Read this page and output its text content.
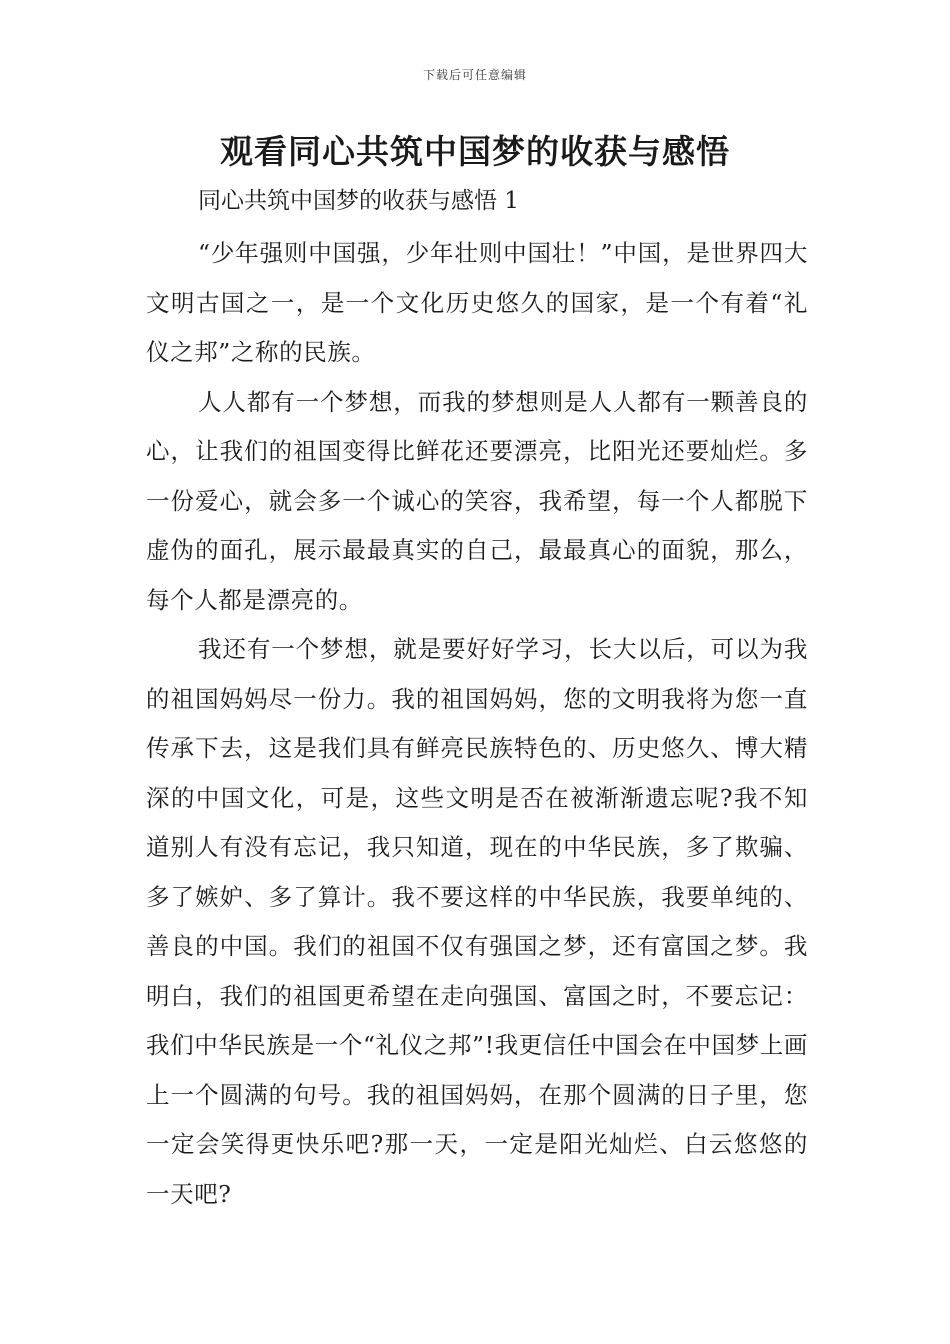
下载后可任意编辑
观看同心共筑中国梦的收获与感悟

同心共筑中国梦的收获与感悟 1

“少年强则中国强，少年壮则中国壮！”中国，是世界四大文明古国之一，是一个文化历史悠久的国家，是一个有着“礼仪之邦”之称的民族。

人人都有一个梦想，而我的梦想则是人人都有一颗善良的心，让我们的祖国变得比鲜花还要漂亮，比阳光还要灿烂。多一份爱心，就会多一个诚心的笑容，我希望，每一个人都脱下虚伪的面孔，展示最最真实的自己，最最真心的面貌，那么，每个人都是漂亮的。

我还有一个梦想，就是要好好学习，长大以后，可以为我的祖国妈妈尽一份力。我的祖国妈妈，您的文明我将为您一直传承下去，这是我们具有鲜亮民族特色的、历史悠久、博大精深的中国文化，可是，这些文明是否在被渐渐遗忘呢?我不知道别人有没有忘记，我只知道，现在的中华民族，多了欺骗、多了嫉妒、多了算计。我不要这样的中华民族，我要单纯的、善良的中国。我们的祖国不仅有强国之梦，还有富国之梦。我明白，我们的祖国更希望在走向强国、富国之时，不要忘记：我们中华民族是一个“礼仪之邦”!我更信任中国会在中国梦上画上一个圆满的句号。我的祖国妈妈，在那个圆满的日子里，您一定会笑得更快乐吧?那一天，一定是阳光灿烂、白云悠悠的一天吧?
